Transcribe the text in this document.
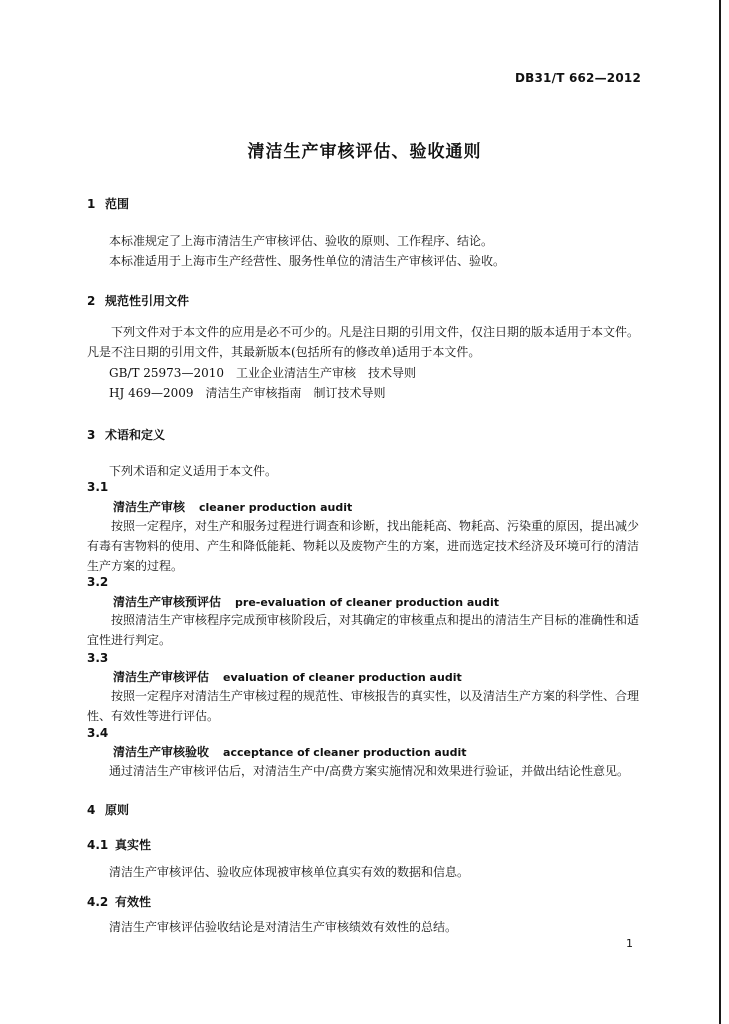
DB31/T 662—2012
清洁生产审核评估、验收通则
1 范围
本标准规定了上海市清洁生产审核评估、验收的原则、工作程序、结论。
本标准适用于上海市生产经营性、服务性单位的清洁生产审核评估、验收。
2 规范性引用文件
下列文件对于本文件的应用是必不可少的。凡是注日期的引用文件，仅注日期的版本适用于本文件。凡是不注日期的引用文件，其最新版本(包括所有的修改单)适用于本文件。
GB/T 25973—2010　工业企业清洁生产审核　技术导则
HJ 469—2009　清洁生产审核指南　制订技术导则
3 术语和定义
下列术语和定义适用于本文件。
3.1
清洁生产审核 cleaner production audit
按照一定程序，对生产和服务过程进行调查和诊断，找出能耗高、物耗高、污染重的原因，提出减少有毒有害物料的使用、产生和降低能耗、物耗以及废物产生的方案，进而选定技术经济及环境可行的清洁生产方案的过程。
3.2
清洁生产审核预评估 pre-evaluation of cleaner production audit
按照清洁生产审核程序完成预审核阶段后，对其确定的审核重点和提出的清洁生产目标的准确性和适宜性进行判定。
3.3
清洁生产审核评估 evaluation of cleaner production audit
按照一定程序对清洁生产审核过程的规范性、审核报告的真实性，以及清洁生产方案的科学性、合理性、有效性等进行评估。
3.4
清洁生产审核验收 acceptance of cleaner production audit
通过清洁生产审核评估后，对清洁生产中/高费方案实施情况和效果进行验证，并做出结论性意见。
4 原则
4.1 真实性
清洁生产审核评估、验收应体现被审核单位真实有效的数据和信息。
4.2 有效性
清洁生产审核评估验收结论是对清洁生产审核绩效有效性的总结。
1
